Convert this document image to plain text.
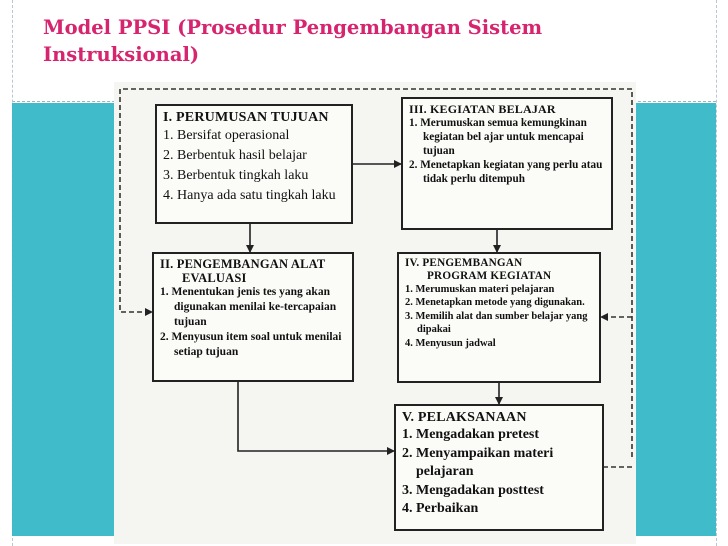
Model PPSI (Prosedur Pengembangan Sistem
Instruksional)
I. PERUMUSAN TUJUAN
1. Bersifat operasional
2. Berbentuk hasil belajar
3. Berbentuk tingkah laku
4. Hanya ada satu tingkah laku
III. KEGIATAN BELAJAR
1. Merumuskan semua kemungkinan kegiatan bel ajar untuk mencapai tujuan
2. Menetapkan kegiatan yang perlu atau tidak perlu ditempuh
II. PENGEMBANGAN ALAT
EVALUASI
1. Menentukan jenis tes yang akan digunakan menilai ke-tercapaian tujuan
2. Menyusun item soal untuk menilai setiap tujuan
IV. PENGEMBANGAN
PROGRAM KEGIATAN
1. Merumuskan materi pelajaran
2. Menetapkan metode yang digunakan.
3. Memilih alat dan sumber belajar yang dipakai
4. Menyusun jadwal
V. PELAKSANAAN
1. Mengadakan pretest
2. Menyampaikan materi pelajaran
3. Mengadakan posttest
4. Perbaikan
